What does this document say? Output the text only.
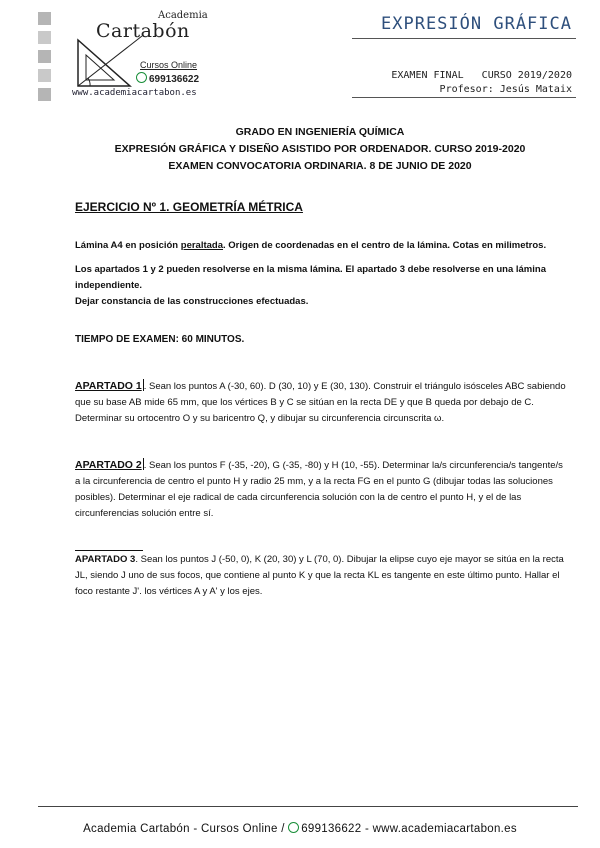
Academia
Cartabón
Cursos Online
699136622
www.academiacartabon.es
EXPRESIÓN GRÁFICA
EXAMEN FINAL   CURSO 2019/2020
Profesor: Jesús Mataix
GRADO EN INGENIERÍA QUÍMICA
EXPRESIÓN GRÁFICA Y DISEÑO ASISTIDO POR ORDENADOR. CURSO 2019-2020
EXAMEN CONVOCATORIA ORDINARIA. 8 DE JUNIO DE 2020
EJERCICIO Nº 1. GEOMETRÍA MÉTRICA
Lámina A4 en posición peraltada. Origen de coordenadas en el centro de la lámina. Cotas en milimetros.
Los apartados 1 y 2 pueden resolverse en la misma lámina. El apartado 3 debe resolverse en una lámina independiente.
Dejar constancia de las construcciones efectuadas.
TIEMPO DE EXAMEN: 60 MINUTOS.
APARTADO 1 . Sean los puntos A (-30, 60). D (30, 10) y E (30, 130). Construir el triángulo isósceles ABC sabiendo que su base AB mide 65 mm, que los vértices B y C se sitúan en la recta DE y que B queda por debajo de C. Determinar su ortocentro O y su baricentro Q, y dibujar su circunferencia circunscrita ω.
APARTADO 2 . Sean los puntos F (-35, -20), G (-35, -80) y H (10, -55). Determinar la/s circunferencia/s tangente/s a la circunferencia de centro el punto H y radio 25 mm, y a la recta FG en el punto G (dibujar todas las soluciones posibles). Determinar el eje radical de cada circunferencia solución con la de centro el punto H, y el de las circunferencias solución entre sí.
APARTADO 3. Sean los puntos J (-50, 0), K (20, 30) y L (70, 0). Dibujar la elipse cuyo eje mayor se sitúa en la recta JL, siendo J uno de sus focos, que contiene al punto K y que la recta KL es tangente en este último punto. Hallar el foco restante J'. los vértices A y A' y los ejes.
Academia Cartabón - Cursos Online / 699136622 - www.academiacartabon.es
